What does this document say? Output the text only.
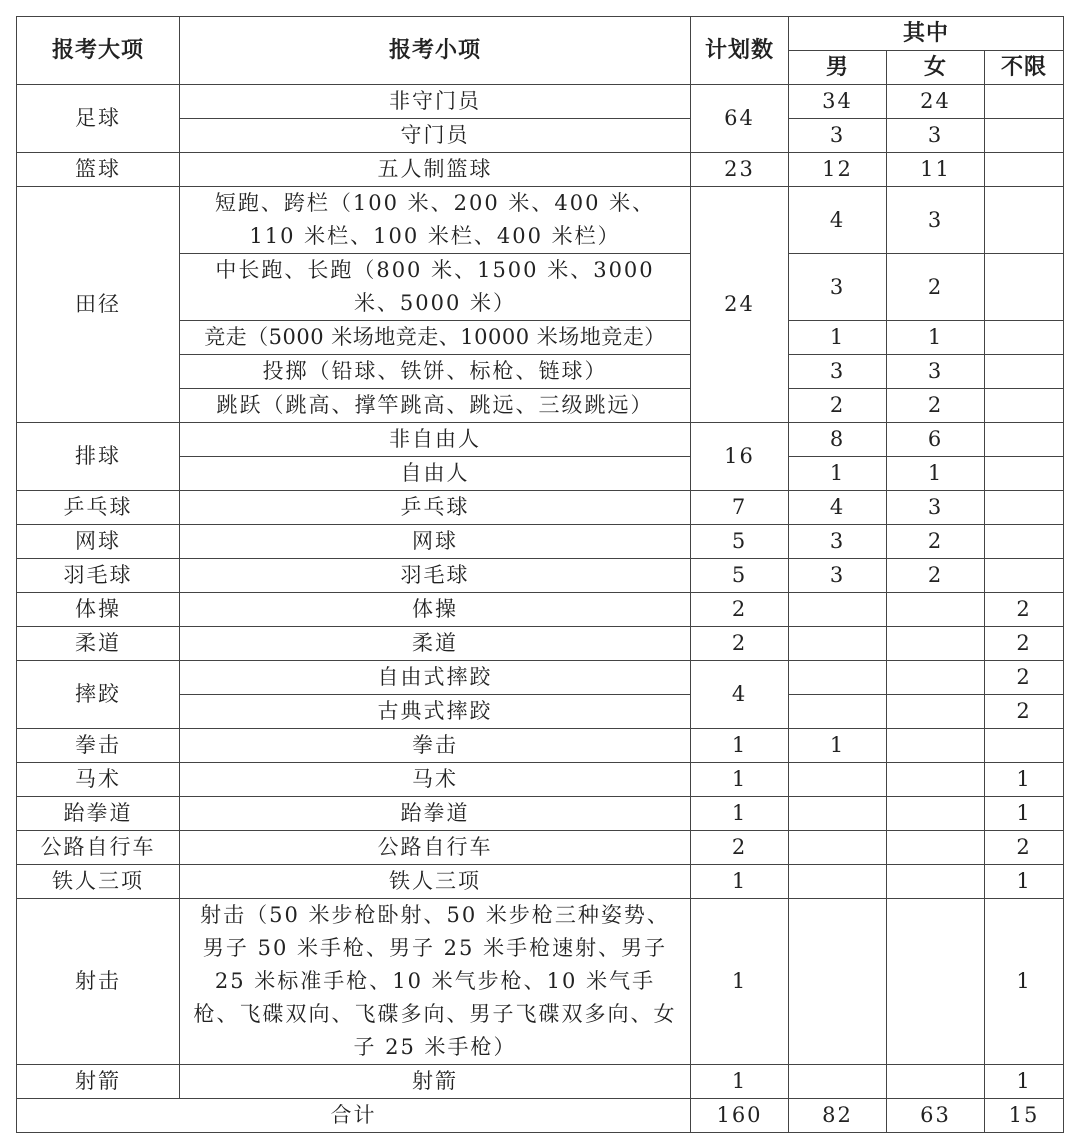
报考大项	报考小项	计划数	其中		
			男	女	不限
足球	非守门员	64	34	24	
	守门员		3	3	
篮球	五人制篮球	23	12	11	
田径	短跑、跨栏（100 米、200 米、400 米、110 米栏、100 米栏、400 米栏）	24	4	3	
	中长跑、长跑（800 米、1500 米、3000 米、5000 米）		3	2	
	竞走（5000 米场地竞走、10000 米场地竞走）		1	1	
	投掷（铅球、铁饼、标枪、链球）		3	3	
	跳跃（跳高、撑竿跳高、跳远、三级跳远）		2	2	
排球	非自由人	16	8	6	
	自由人		1	1	
乒乓球	乒乓球	7	4	3	
网球	网球	5	3	2	
羽毛球	羽毛球	5	3	2	
体操	体操	2			2
柔道	柔道	2			2
摔跤	自由式摔跤	4			2
	古典式摔跤				2
拳击	拳击	1	1		
马术	马术	1			1
跆拳道	跆拳道	1			1
公路自行车	公路自行车	2			2
铁人三项	铁人三项	1			1
射击	射击（50 米步枪卧射、50 米步枪三种姿势、男子 50 米手枪、男子 25 米手枪速射、男子 25 米标准手枪、10 米气步枪、10 米气手枪、飞碟双向、飞碟多向、男子飞碟双多向、女子 25 米手枪）	1			1
射箭	射箭	1			1
合计		160	82	63	15
